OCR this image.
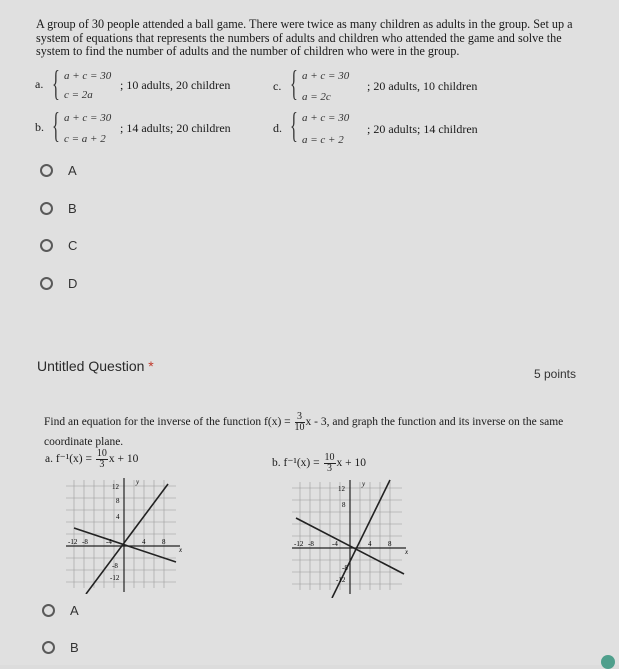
A group of 30 people attended a ball game. There were twice as many children as adults in the group. Set up a system of equations that represents the numbers of adults and children who attended the game and solve the system to find the number of adults and the number of children who were in the group.
a. { a + c = 30
c = 2a
; 10 adults, 20 children	c. { a + c = 30
a = 2c
; 20 adults, 10 children
b. { a + c = 30
c = a + 2
; 14 adults; 20 children	d. { a + c = 30
a = c + 2
; 20 adults; 14 children
A
B
C
D
Untitled Question *	5 points
Find an equation for the inverse of the function $f(x) = \frac{3}{10}$ x - 3, and graph the function and its inverse on the same coordinate plane.
a. $f^{-1}(x) = \frac{10}{3}$ x + 10	b. $f^{-1}(x) = \frac{10}{3}$ x + 10
y
x
12
8
4
-8
-12
-12 -8	-4	4 8
y
x
12
8
-8
-12
-12 -8	-4	4 8
A
B
